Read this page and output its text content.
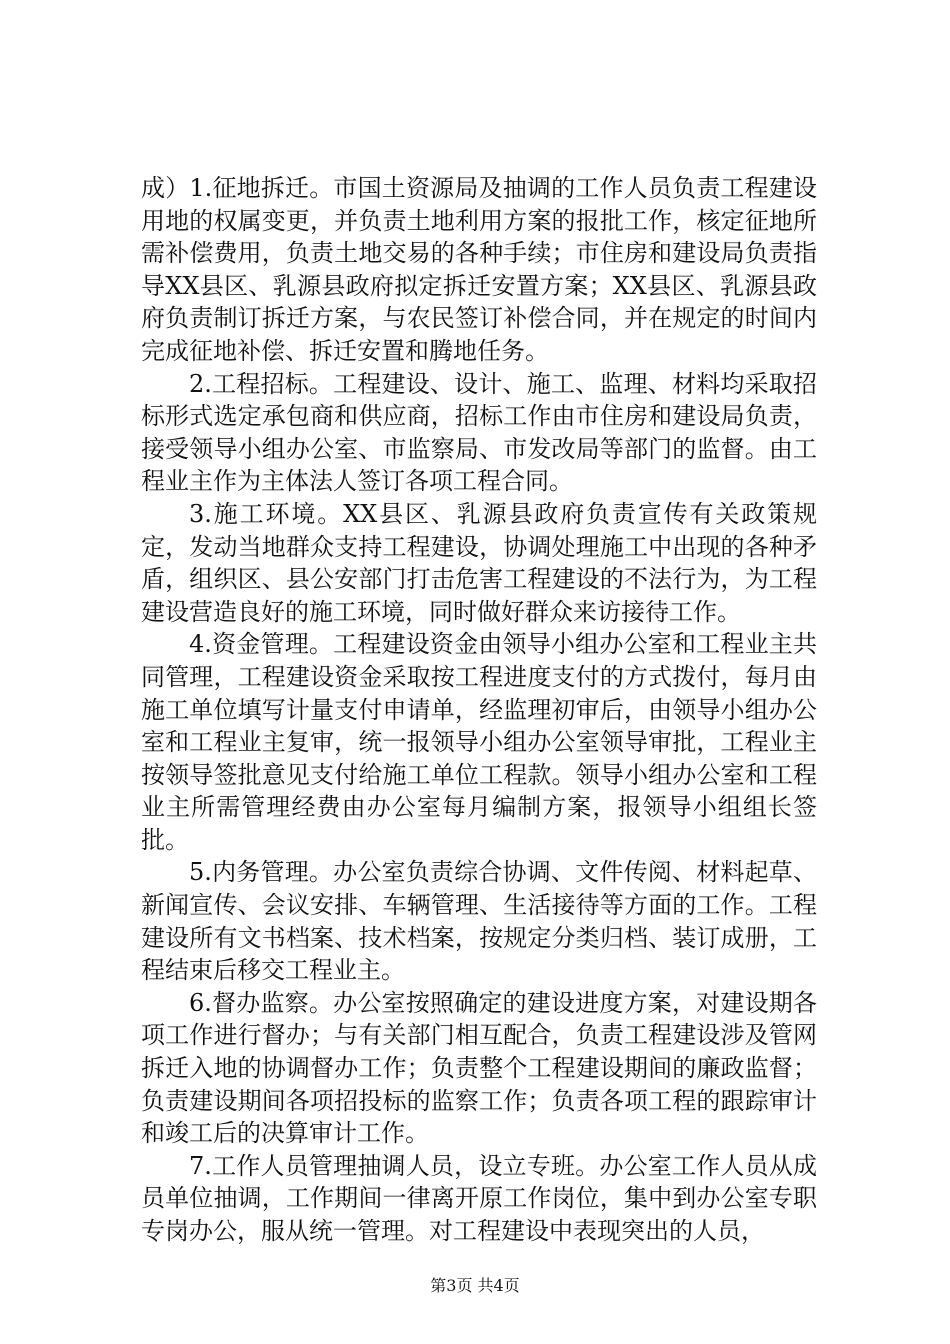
成）1.征地拆迁。市国土资源局及抽调的工作人员负责工程建设用地的权属变更，并负责土地利用方案的报批工作，核定征地所需补偿费用，负责土地交易的各种手续；市住房和建设局负责指导XX县区、乳源县政府拟定拆迁安置方案；XX县区、乳源县政府负责制订拆迁方案，与农民签订补偿合同，并在规定的时间内完成征地补偿、拆迁安置和腾地任务。

2.工程招标。工程建设、设计、施工、监理、材料均采取招标形式选定承包商和供应商，招标工作由市住房和建设局负责，接受领导小组办公室、市监察局、市发改局等部门的监督。由工程业主作为主体法人签订各项工程合同。

3.施工环境。XX县区、乳源县政府负责宣传有关政策规定，发动当地群众支持工程建设，协调处理施工中出现的各种矛盾，组织区、县公安部门打击危害工程建设的不法行为，为工程建设营造良好的施工环境，同时做好群众来访接待工作。

4.资金管理。工程建设资金由领导小组办公室和工程业主共同管理，工程建设资金采取按工程进度支付的方式拨付，每月由施工单位填写计量支付申请单，经监理初审后，由领导小组办公室和工程业主复审，统一报领导小组办公室领导审批，工程业主按领导签批意见支付给施工单位工程款。领导小组办公室和工程业主所需管理经费由办公室每月编制方案，报领导小组组长签批。

5.内务管理。办公室负责综合协调、文件传阅、材料起草、新闻宣传、会议安排、车辆管理、生活接待等方面的工作。工程建设所有文书档案、技术档案，按规定分类归档、装订成册，工程结束后移交工程业主。

6.督办监察。办公室按照确定的建设进度方案，对建设期各项工作进行督办；与有关部门相互配合，负责工程建设涉及管网拆迁入地的协调督办工作；负责整个工程建设期间的廉政监督；负责建设期间各项招投标的监察工作；负责各项工程的跟踪审计和竣工后的决算审计工作。

7.工作人员管理抽调人员，设立专班。办公室工作人员从成员单位抽调，工作期间一律离开原工作岗位，集中到办公室专职专岗办公，服从统一管理。对工程建设中表现突出的人员，

第3页 共4页
